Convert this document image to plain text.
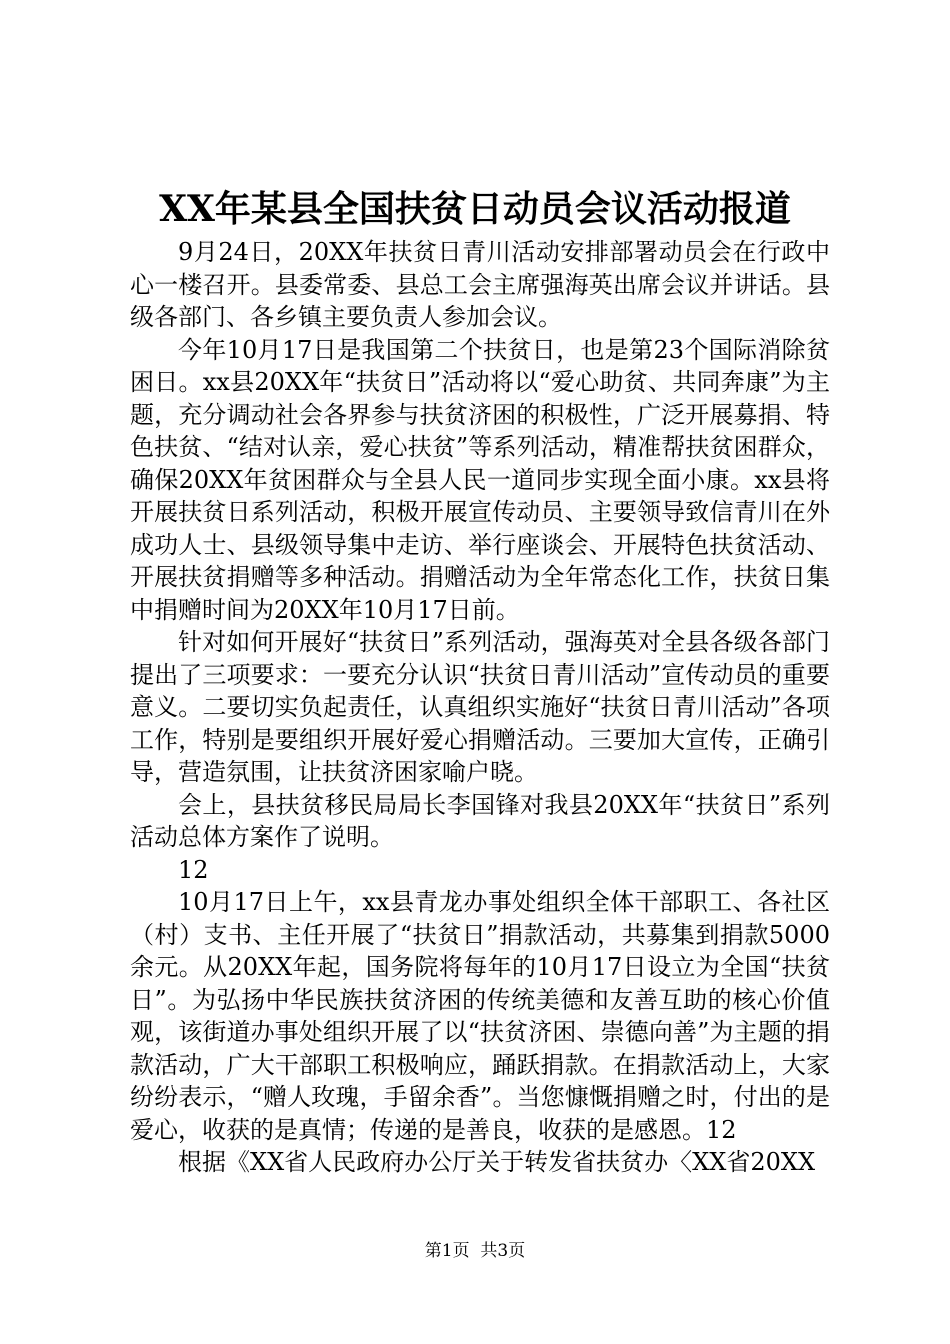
XX年某县全国扶贫日动员会议活动报道

9月24日，20XX年扶贫日青川活动安排部署动员会在行政中心一楼召开。县委常委、县总工会主席强海英出席会议并讲话。县级各部门、各乡镇主要负责人参加会议。

今年10月17日是我国第二个扶贫日，也是第23个国际消除贫困日。xx县20XX年“扶贫日”活动将以“爱心助贫、共同奔康”为主题，充分调动社会各界参与扶贫济困的积极性，广泛开展募捐、特色扶贫、“结对认亲，爱心扶贫”等系列活动，精准帮扶贫困群众，确保20XX年贫困群众与全县人民一道同步实现全面小康。xx县将开展扶贫日系列活动，积极开展宣传动员、主要领导致信青川在外成功人士、县级领导集中走访、举行座谈会、开展特色扶贫活动、开展扶贫捐赠等多种活动。捐赠活动为全年常态化工作，扶贫日集中捐赠时间为20XX年10月17日前。

针对如何开展好“扶贫日”系列活动，强海英对全县各级各部门提出了三项要求：一要充分认识“扶贫日青川活动”宣传动员的重要意义。二要切实负起责任，认真组织实施好“扶贫日青川活动”各项工作，特别是要组织开展好爱心捐赠活动。三要加大宣传，正确引导，营造氛围，让扶贫济困家喻户晓。

会上，县扶贫移民局局长李国锋对我县20XX年“扶贫日”系列活动总体方案作了说明。

12

10月17日上午，xx县青龙办事处组织全体干部职工、各社区（村）支书、主任开展了“扶贫日”捐款活动，共募集到捐款5000余元。从20XX年起，国务院将每年的10月17日设立为全国“扶贫日”。为弘扬中华民族扶贫济困的传统美德和友善互助的核心价值观，该街道办事处组织开展了以“扶贫济困、崇德向善”为主题的捐款活动，广大干部职工积极响应，踊跃捐款。在捐款活动上，大家纷纷表示，“赠人玫瑰，手留余香”。当您慷慨捐赠之时，付出的是爱心，收获的是真情；传递的是善良，收获的是感恩。12

根据《XX省人民政府办公厅关于转发省扶贫办〈XX省20XX

第1页 共3页
